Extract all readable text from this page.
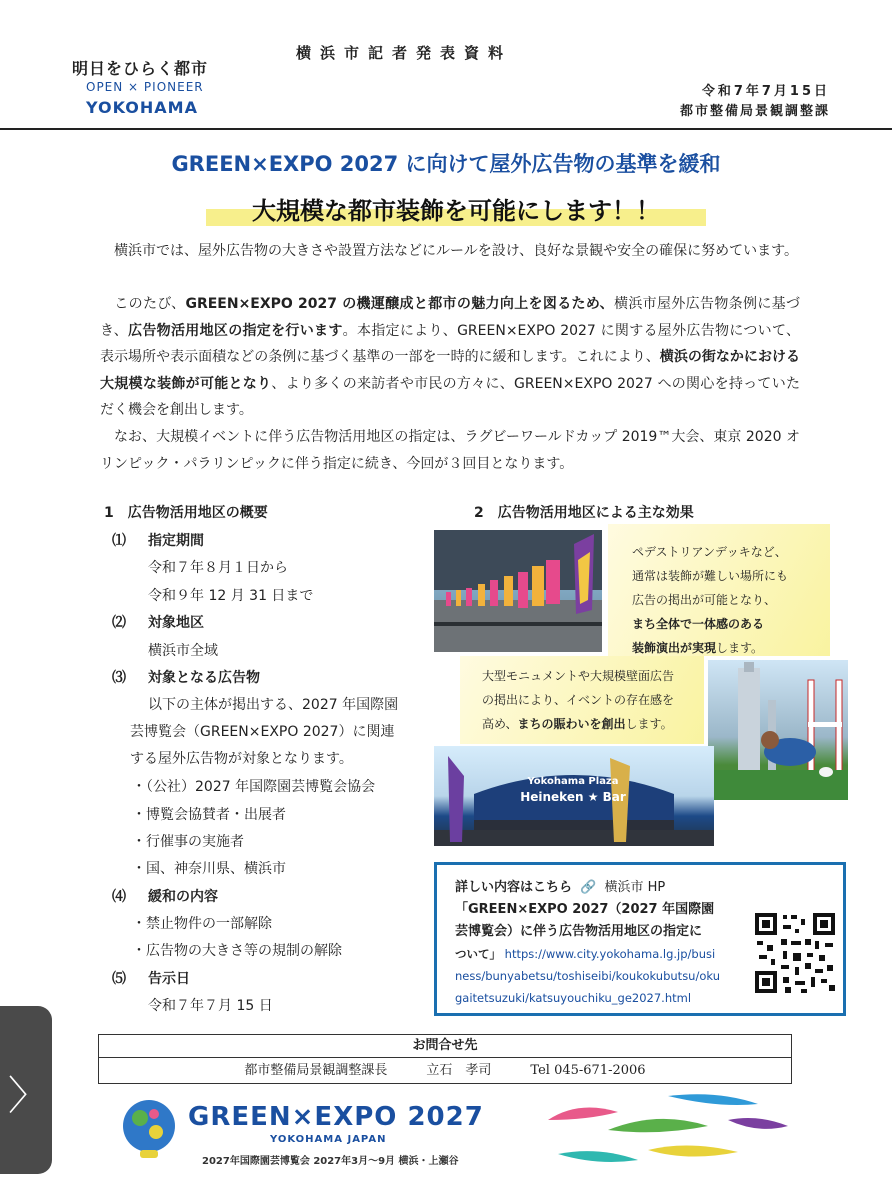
明日をひらく都市
OPEN × PIONEER
YOKOHAMA
横浜市記者発表資料
令和7年7月15日
都市整備局景観調整課
GREEN×EXPO 2027 に向けて屋外広告物の基準を緩和
大規模な都市装飾を可能にします！！
横浜市では、屋外広告物の大きさや設置方法などにルールを設け、良好な景観や安全の確保に努めています。
このたび、GREEN×EXPO 2027 の機運醸成と都市の魅力向上を図るため、横浜市屋外広告物条例に基づき、広告物活用地区の指定を行います。本指定により、GREEN×EXPO 2027 に関する屋外広告物について、表示場所や表示面積などの条例に基づく基準の一部を一時的に緩和します。これにより、横浜の街なかにおける大規模な装飾が可能となり、より多くの来訪者や市民の方々に、GREEN×EXPO 2027 への関心を持っていただく機会を創出します。
なお、大規模イベントに伴う広告物活用地区の指定は、ラグビーワールドカップ 2019™大会、東京 2020 オリンピック・パラリンピックに伴う指定に続き、今回が３回目となります。
1　広告物活用地区の概要
⑴ 指定期間
令和７年８月１日から
令和９年 12 月 31 日まで
⑵ 対象地区
横浜市全域
⑶ 対象となる広告物
以下の主体が掲出する、2027 年国際園
芸博覧会（GREEN×EXPO 2027）に関連
する屋外広告物が対象となります。
・（公社）2027 年国際園芸博覧会協会
・博覧会協賛者・出展者
・行催事の実施者
・国、神奈川県、横浜市
⑷ 緩和の内容
・禁止物件の一部解除
・広告物の大きさ等の規制の解除
⑸ 告示日
令和７年７月 15 日
2　広告物活用地区による主な効果
ペデストリアンデッキなど、
通常は装飾が難しい場所にも
広告の掲出が可能となり、
まち全体で一体感のある
装飾演出が実現します。
大型モニュメントや大規模壁面広告
の掲出により、イベントの存在感を
高め、まちの賑わいを創出します。
Yokohama Plaza
Heineken ★ Bar
詳しい内容はこちら 🔗 横浜市 HP
「GREEN×EXPO 2027（2027 年国際園
芸博覧会）に伴う広告物活用地区の指定に
ついて」 https://www.city.yokohama.lg.jp/busi
ness/bunyabetsu/toshiseibi/koukokubutsu/oku
gaitetsuzuki/katsuyouchiku_ge2027.html
お問合せ先
都市整備局景観調整課長　　　立石　孝司　　　Tel 045-671-2006
GREEN×EXPO 2027
YOKOHAMA JAPAN
2027年国際園芸博覧会 2027年3月～9月 横浜・上瀬谷
〉
